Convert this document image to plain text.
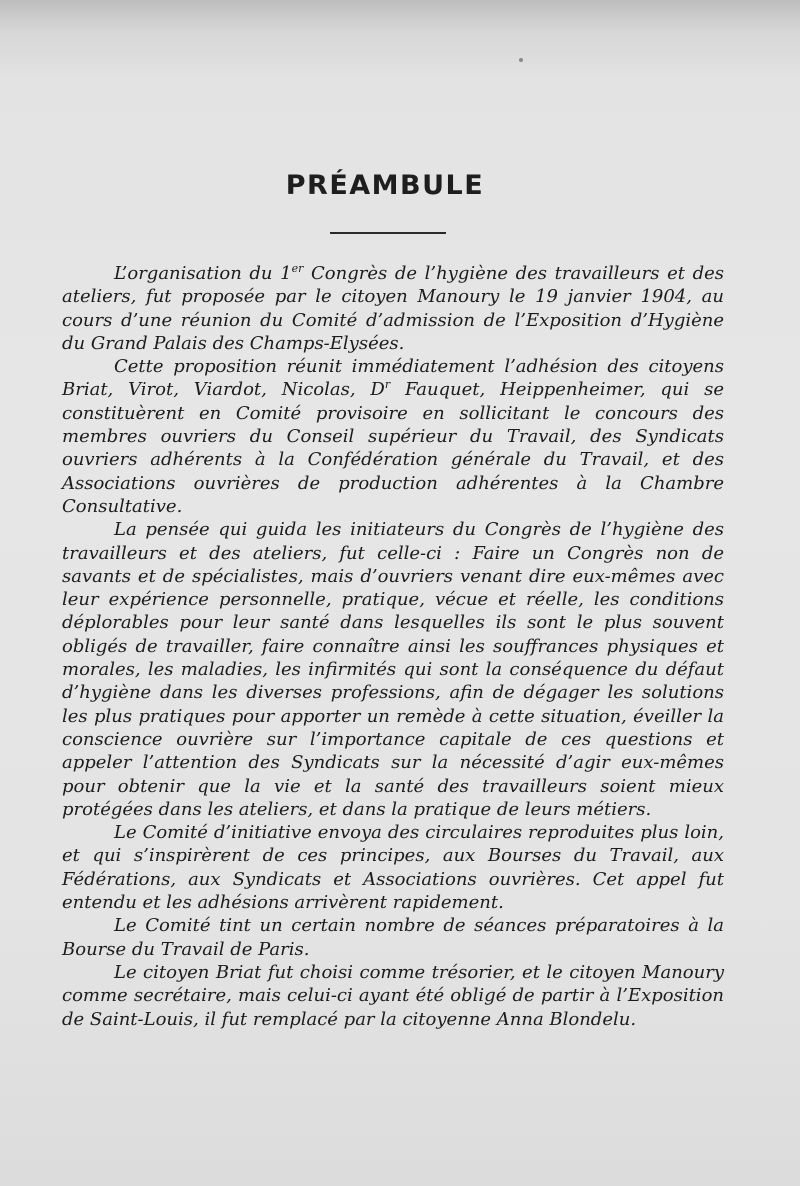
PRÉAMBULE

L’organisation du 1er Congrès de l’hygiène des travailleurs et des ateliers, fut proposée par le citoyen Manoury le 19 janvier 1904, au cours d’une réunion du Comité d’admission de l’Exposition d’Hygiène du Grand Palais des Champs-Elysées.

Cette proposition réunit immédiatement l’adhésion des citoyens Briat, Virot, Viardot, Nicolas, $D^r$ Fauquet, Heippenheimer, qui se constituèrent en Comité provisoire en sollicitant le concours des membres ouvriers du Conseil supérieur du Travail, des Syndicats ouvriers adhérents à la Confédération générale du Travail, et des Associations ouvrières de production adhérentes à la Chambre Consultative.

La pensée qui guida les initiateurs du Congrès de l’hygiène des travailleurs et des ateliers, fut celle-ci : Faire un Congrès non de savants et de spécialistes, mais d’ouvriers venant dire eux-mêmes avec leur expérience personnelle, pratique, vécue et réelle, les conditions déplorables pour leur santé dans lesquelles ils sont le plus souvent obligés de travailler, faire connaître ainsi les souffrances physiques et morales, les maladies, les infirmités qui sont la conséquence du défaut d’hygiène dans les diverses professions, afin de dégager les solutions les plus pratiques pour apporter un remède à cette situation, éveiller la conscience ouvrière sur l’importance capitale de ces questions et appeler l’attention des Syndicats sur la nécessité d’agir eux-mêmes pour obtenir que la vie et la santé des travailleurs soient mieux protégées dans les ateliers, et dans la pratique de leurs métiers.

Le Comité d’initiative envoya des circulaires reproduites plus loin, et qui s’inspirèrent de ces principes, aux Bourses du Travail, aux Fédérations, aux Syndicats et Associations ouvrières. Cet appel fut entendu et les adhésions arrivèrent rapidement.

Le Comité tint un certain nombre de séances préparatoires à la Bourse du Travail de Paris.

Le citoyen Briat fut choisi comme trésorier, et le citoyen Manoury comme secrétaire, mais celui-ci ayant été obligé de partir à l’Exposition de Saint-Louis, il fut remplacé par la citoyenne Anna Blondelu.
